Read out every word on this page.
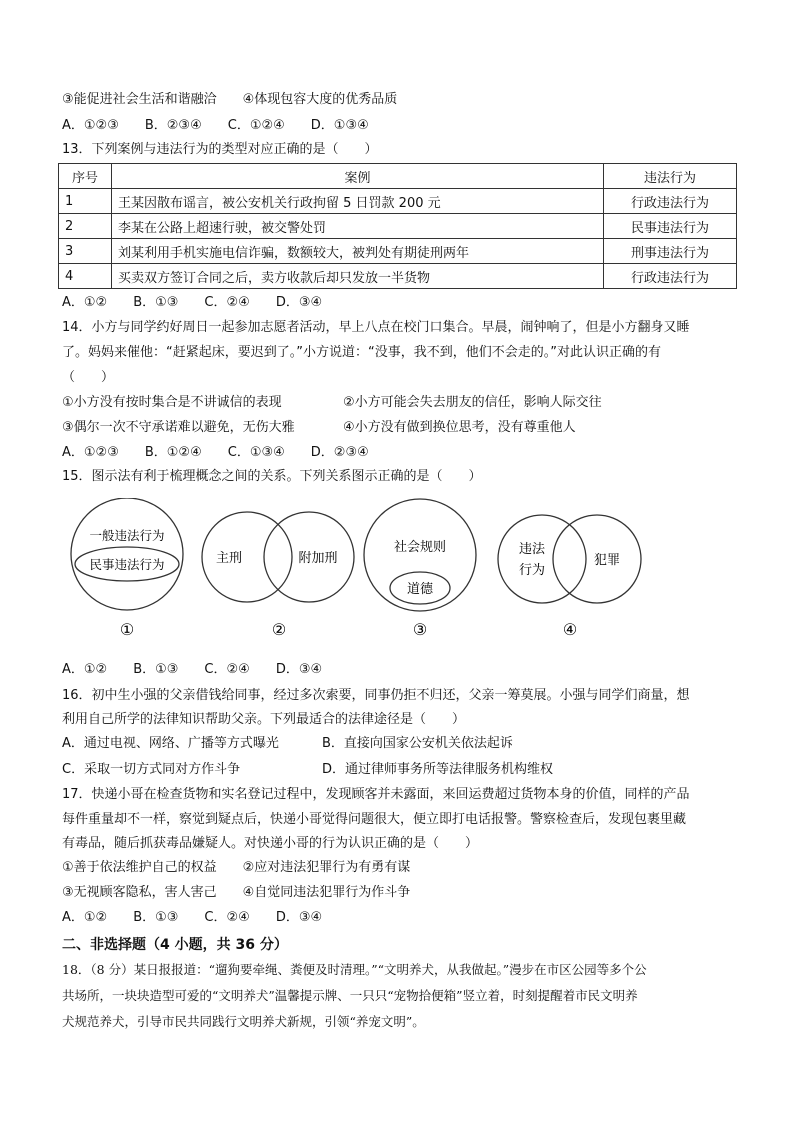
③能促进社会生活和谐融洽　　④体现包容大度的优秀品质
A．①②③　　B．②③④　　C．①②④　　D．①③④
13．下列案例与违法行为的类型对应正确的是（　　）
序号	案例	违法行为
1	王某因散布谣言，被公安机关行政拘留 5 日罚款 200 元	行政违法行为
2	李某在公路上超速行驶，被交警处罚	民事违法行为
3	刘某利用手机实施电信诈骗，数额较大，被判处有期徒刑两年	刑事违法行为
4	买卖双方签订合同之后，卖方收款后却只发放一半货物	行政违法行为
A．①②　　B．①③　　C．②④　　D．③④
14．小方与同学约好周日一起参加志愿者活动，早上八点在校门口集合。早晨，闹钟响了，但是小方翻身又睡
了。妈妈来催他：“赶紧起床，要迟到了。”小方说道：“没事，我不到，他们不会走的。”对此认识正确的有
（　　）
①小方没有按时集合是不讲诚信的表现	②小方可能会失去朋友的信任，影响人际交往
③偶尔一次不守承诺难以避免，无伤大雅	④小方没有做到换位思考，没有尊重他人
A．①②③　　B．①②④　　C．①③④　　D．②③④
15．图示法有利于梳理概念之间的关系。下列关系图示正确的是（　　）
一般违法行为
民事违法行为
①
主刑	附加刑
②
社会规则
道德
③
违法
行为
犯罪
④
A．①②　　B．①③　　C．②④　　D．③④
16．初中生小强的父亲借钱给同事，经过多次索要，同事仍拒不归还，父亲一筹莫展。小强与同学们商量，想
利用自己所学的法律知识帮助父亲。下列最适合的法律途径是（　　）
A．通过电视、网络、广播等方式曝光	B．直接向国家公安机关依法起诉
C．采取一切方式同对方作斗争	D．通过律师事务所等法律服务机构维权
17．快递小哥在检查货物和实名登记过程中，发现顾客并未露面，来回运费超过货物本身的价值，同样的产品
每件重量却不一样，察觉到疑点后，快递小哥觉得问题很大，便立即打电话报警。警察检查后，发现包裹里藏
有毒品，随后抓获毒品嫌疑人。对快递小哥的行为认识正确的是（　　）
①善于依法维护自己的权益　　②应对违法犯罪行为有勇有谋
③无视顾客隐私，害人害己　　④自觉同违法犯罪行为作斗争
A．①②　　B．①③　　C．②④　　D．③④
二、非选择题（4 小题，共 36 分）
18．（8 分）某日报报道：“遛狗要牵绳、粪便及时清理。”“文明养犬，从我做起。”漫步在市区公园等多个公
共场所，一块块造型可爱的“文明养犬”温馨提示牌、一只只“宠物拾便箱”竖立着，时刻提醒着市民文明养
犬规范养犬，引导市民共同践行文明养犬新规，引领“养宠文明”。
